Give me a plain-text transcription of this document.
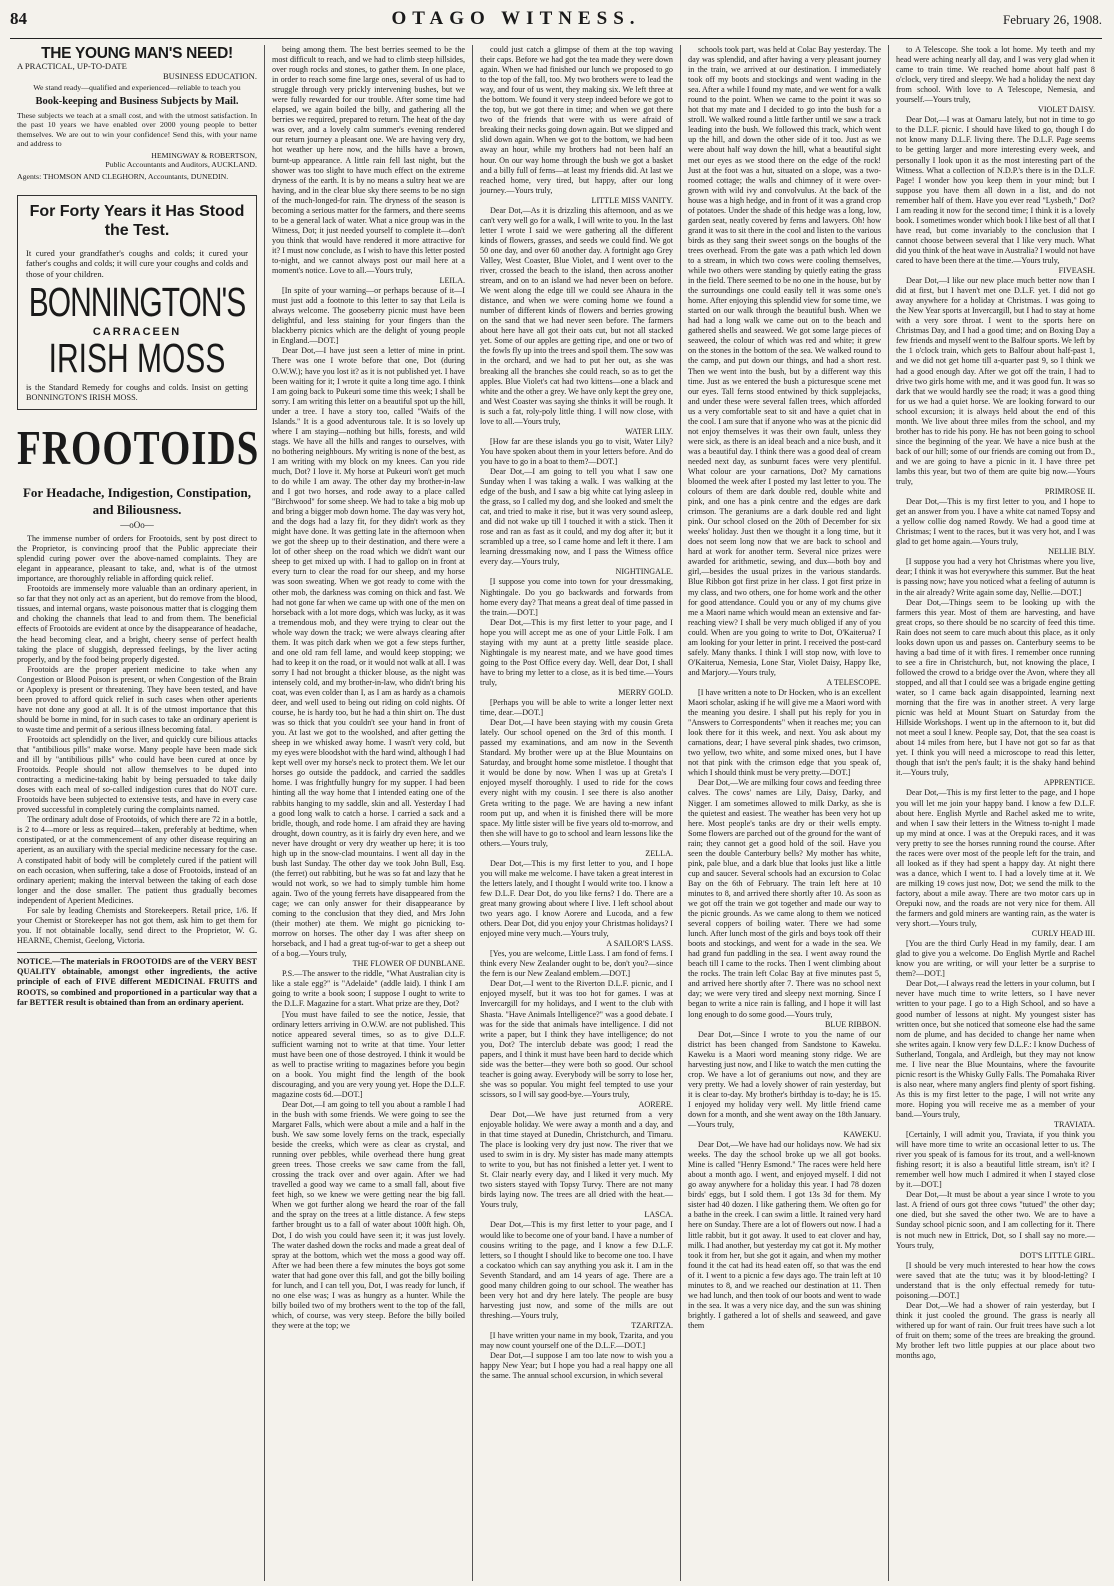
84	OTAGO WITNESS.	February 26, 1908.
THE YOUNG MAN'S NEED!
A PRACTICAL, UP-TO-DATE
BUSINESS EDUCATION.
We stand ready—qualified and experienced—reliable to teach you
Book-keeping and Business Subjects by Mail.
These subjects we teach at a small cost, and with the utmost satisfaction. In the past 10 years we have enabled over 2000 young people to better themselves. We are out to win your confidence! Send this, with your name and address to
HEMINGWAY & ROBERTSON,
Public Accountants and Auditors, AUCKLAND.
Agents: THOMSON AND CLEGHORN, Accountants, DUNEDIN.
For Forty Years it Has Stood the Test.
It cured your grandfather's coughs and colds; it cured your father's coughs and colds; it will cure your coughs and colds and those of your children.
BONNINGTON'S
CARRACEEN
IRISH MOSS
is the Standard Remedy for coughs and colds. Insist on getting BONNINGTON'S IRISH MOSS.
FROOTOIDS
For Headache, Indigestion, Constipation, and Biliousness.
—oOo—

The immense number of orders for Frootoids, sent by post direct to the Proprietor, is convincing proof that the Public appreciate their splendid curing power over the above-named complaints. They are elegant in appearance, pleasant to take, and, what is of the utmost importance, are thoroughly reliable in affording quick relief.

Frootoids are immensely more valuable than an ordinary aperient, in so far that they not only act as an aperient, but do remove from the blood, tissues, and internal organs, waste poisonous matter that is clogging them and choking the channels that lead to and from them. The beneficial effects of Frootoids are evident at once by the disappearance of headache, the head becoming clear, and a bright, cheery sense of perfect health taking the place of sluggish, depressed feelings, by the liver acting properly, and by the food being properly digested.

Frootoids are the proper aperient medicine to take when any Congestion or Blood Poison is present, or when Congestion of the Brain or Apoplexy is present or threatening. They have been tested, and have been proved to afford quick relief in such cases when other aperients have not done any good at all. It is of the utmost importance that this should be borne in mind, for in such cases to take an ordinary aperient is to waste time and permit of a serious illness becoming fatal.

Frootoids act splendidly on the liver, and quickly cure bilious attacks that "antibilious pills" make worse. Many people have been made sick and ill by "antibilious pills" who could have been cured at once by Frootoids. People should not allow themselves to be duped into contracting a medicine-taking habit by being persuaded to take daily doses with each meal of so-called indigestion cures that do NOT cure. Frootoids have been subjected to extensive tests, and have in every case proved successful in completely curing the complaints named.

The ordinary adult dose of Frootoids, of which there are 72 in a bottle, is 2 to 4—more or less as required—taken, preferably at bedtime, when constipated, or at the commencement of any other disease requiring an aperient, as an auxiliary with the special medicine necessary for the case. A constipated habit of body will be completely cured if the patient will on each occasion, when suffering, take a dose of Frootoids, instead of an ordinary aperient; making the interval between the taking of each dose longer and the dose smaller. The patient thus gradually becomes independent of Aperient Medicines.

For sale by leading Chemists and Storekeepers. Retail price, 1/6. If your Chemist or Storekeeper has not got them, ask him to get them for you. If not obtainable locally, send direct to the Proprietor, W. G. HEARNE, Chemist, Geelong, Victoria.

NOTICE.—The materials in FROOTOIDS are of the VERY BEST QUALITY obtainable, amongst other ingredients, the active principle of each of FIVE different MEDICINAL FRUITS and ROOTS, so combined and proportioned in a particular way that a far BETTER result is obtained than from an ordinary aperient.

being among them. The best berries seemed to be the most difficult to reach, and we had to climb steep hillsides, over rough rocks and stones, to gather them. In one place, in order to reach some fine large ones, several of us had to struggle through very prickly intervening bushes, but we were fully rewarded for our trouble. After some time had elapsed, we again boiled the billy, and gathering all the berries we required, prepared to return. The heat of the day was over, and a lovely calm summer's evening rendered our return journey a pleasant one. We are having very dry, hot weather up here now, and the hills have a brown, burnt-up appearance. A little rain fell last night, but the shower was too slight to have much effect on the extreme dryness of the earth. It is by no means a sultry heat we are having, and in the clear blue sky there seems to be no sign of the much-longed-for rain. The dryness of the season is becoming a serious matter for the farmers, and there seems to be a general lack of water. What a nice group was in the Witness, Dot; it just needed yourself to complete it—don't you think that would have rendered it more attractive for it? I must now conclude, as I wish to have this letter posted to-night, and we cannot always post our mail here at a moment's notice. Love to all.—Yours truly,

LEILA.

[In spite of your warning—or perhaps because of it—I must just add a footnote to this letter to say that Leila is always welcome. The gooseberry picnic must have been delightful, and less staining for your fingers than the blackberry picnics which are the delight of young people in England.—DOT.]

Dear Dot,—I have just seen a letter of mine in print. There was one I wrote before that one, Dot (during O.W.W.); have you lost it? as it is not published yet. I have been waiting for it; I wrote it quite a long time ago. I think I am going back to Pukeuri some time this week; I shall be sorry. I am writing this letter on a beautiful spot up the hill, under a tree. I have a story too, called "Waifs of the Islands." It is a good adventurous tale. It is so lovely up where I am staying—nothing but hills, forests, and wild stags. We have all the hills and ranges to ourselves, with no bothering neighbours. My writing is none of the best, as I am writing with my block on my knees. Can you ride much, Dot? I love it. My horse at Pukeuri won't get much to do while I am away. The other day my brother-in-law and I got two horses, and rode away to a place called "Birchwood" for some sheep. We had to take a big mob up and bring a bigger mob down home. The day was very hot, and the dogs had a lazy fit, for they didn't work as they might have done. It was getting late in the afternoon when we got the sheep up to their destination, and there were a lot of other sheep on the road which we didn't want our sheep to get mixed up with. I had to gallop on in front at every turn to clear the road for our sheep, and my horse was soon sweating. When we got ready to come with the other mob, the darkness was coming on thick and fast. We had not gone far when we came up with one of the men on horseback with a lot more dogs, which was lucky, as it was a tremendous mob, and they were trying to clear out the whole way down the track; we were always clearing after them. It was pitch dark when we got a few steps further, and one old ram fell lame, and would keep stopping; we had to keep it on the road, or it would not walk at all. I was sorry I had not brought a thicker blouse, as the night was intensely cold, and my brother-in-law, who didn't bring his coat, was even colder than I, as I am as hardy as a chamois deer, and well used to being out riding on cold nights. Of course, he is hardy too, but he had a thin shirt on. The dust was so thick that you couldn't see your hand in front of you. At last we got to the woolshed, and after getting the sheep in we whisked away home. I wasn't very cold, but my eyes were bloodshot with the hard wind, although I had kept well over my horse's neck to protect them. We let our horses go outside the paddock, and carried the saddles home. I was frightfully hungry for my supper. I had been hinting all the way home that I intended eating one of the rabbits hanging to my saddle, skin and all. Yesterday I had a good long walk to catch a horse. I carried a sack and a bridle, though, and rode home. I am afraid they are having drought, down country, as it is fairly dry even here, and we never have drought or very dry weather up here; it is too high up in the snow-clad mountains. I went all day in the bush last Sunday. The other day we took John Bull, Esq. (the ferret) out rabbiting, but he was so fat and lazy that he would not work, so we had to simply tumble him home again. Two of the young ferrets have disappeared from the cage; we can only answer for their disappearance by coming to the conclusion that they died, and Mrs John (their mother) ate them. We might go picnicking to-morrow on horses. The other day I was after sheep on horseback, and I had a great tug-of-war to get a sheep out of a bog.—Yours truly,

THE FLOWER OF DUNBLANE.

P.S.—The answer to the riddle, "What Australian city is like a stale egg?" is "Adelaide" (addle laid). I think I am going to write a book soon; I suppose I ought to write to the D.L.F. Magazine for a start. What prize are they, Dot?

[You must have failed to see the notice, Jessie, that ordinary letters arriving in O.W.W. are not published. This notice appeared several times, so as to give D.L.F. sufficient warning not to write at that time. Your letter must have been one of those destroyed. I think it would be as well to practise writing to magazines before you begin on a book. You might find the length of the book discouraging, and you are very young yet. Hope the D.L.F. magazine costs 6d.—DOT.]

Dear Dot,—I am going to tell you about a ramble I had in the bush with some friends. We were going to see the Margaret Falls, which were about a mile and a half in the bush. We saw some lovely ferns on the track, especially beside the creeks, which were as clear as crystal, and running over pebbles, while overhead there hung great green trees. Those creeks we saw came from the fall, crossing the track over and over again. After we had travelled a good way we came to a small fall, about five feet high, so we knew we were getting near the big fall. When we got further along we heard the roar of the fall and the spray on the trees at a little distance. A few steps farther brought us to a fall of water about 100ft high. Oh, Dot, I do wish you could have seen it; it was just lovely. The water dashed down the rocks and made a great deal of spray at the bottom, which wet the moss a good way off. After we had been there a few minutes the boys got some water that had gone over this fall, and got the billy boiling for lunch, and I can tell you, Dot, I was ready for lunch, if no one else was; I was as hungry as a hunter. While the billy boiled two of my brothers went to the top of the fall, which, of course, was very steep. Before the billy boiled they were at the top; we

could just catch a glimpse of them at the top waving their caps. Before we had got the tea made they were down again. When we had finished our lunch we proposed to go to the top of the fall, too. My two brothers were to lead the way, and four of us went, they making six. We left three at the bottom. We found it very steep indeed before we got to the top, but we got there in time; and when we got there two of the friends that were with us were afraid of breaking their necks going down again. But we slipped and slid down again. When we got to the bottom, we had been away an hour, while my brothers had not been half an hour. On our way home through the bush we got a basket and a billy full of ferns—at least my friends did. At last we reached home, very tired, but happy, after our long journey.—Yours truly,

LITTLE MISS VANITY.

Dear Dot,—As it is drizzling this afternoon, and as we can't very well go for a walk, I will write to you. In the last letter I wrote I said we were gathering all the different kinds of flowers, grasses, and seeds we could find. We got 50 one day, and over 60 another day. A fortnight ago Grey Valley, West Coaster, Blue Violet, and I went over to the river, crossed the beach to the island, then across another stream, and on to an island we had never been on before. We went along the edge till we could see Ahaura in the distance, and when we were coming home we found a number of different kinds of flowers and berries growing on the sand that we had never seen before. The farmers about here have all got their oats cut, but not all stacked yet. Some of our apples are getting ripe, and one or two of the fowls fly up into the trees and spoil them. The sow was in the orchard, and we had to put her out, as she was breaking all the branches she could reach, so as to get the apples. Blue Violet's cat had two kittens—one a black and white and the other a grey. We have only kept the grey one, and West Coaster was saying she thinks it will be rough. It is such a fat, roly-poly little thing. I will now close, with love to all.—Yours truly,

WATER LILY.

[How far are these islands you go to visit, Water Lily? You have spoken about them in your letters before. And do you have to go in a boat to them?—DOT.]

Dear Dot,—I am going to tell you what I saw one Sunday when I was taking a walk. I was walking at the edge of the bush, and I saw a big white cat lying asleep in the grass, so I called my dog, and she looked and smelt the cat, and tried to make it rise, but it was very sound asleep, and did not wake up till I touched it with a stick. Then it rose and ran as fast as it could, and my dog after it; but it scrambled up a tree, so I came home and left it there. I am learning dressmaking now, and I pass the Witness office every day.—Yours truly,

NIGHTINGALE.

[I suppose you come into town for your dressmaking, Nightingale. Do you go backwards and forwards from home every day? That means a great deal of time passed in the train.—DOT.]

Dear Dot,—This is my first letter to your page, and I hope you will accept me as one of your Little Folk. I am staying with my aunt at a pretty little seaside place. Nightingale is my nearest mate, and we have good times going to the Post Office every day. Well, dear Dot, I shall have to bring my letter to a close, as it is bed time.—Yours truly,

MERRY GOLD.

[Perhaps you will be able to write a longer letter next time, dear.—DOT.]

Dear Dot,—I have been staying with my cousin Greta lately. Our school opened on the 3rd of this month. I passed my examinations, and am now in the Seventh Standard. My brother were up at the Blue Mountains on Saturday, and brought home some mistletoe. I thought that it would be done by now. When I was up at Greta's I enjoyed myself thoroughly. I used to ride for the cows every night with my cousin. I see there is also another Greta writing to the page. We are having a new infant room put up, and when it is finished there will be more space. My little sister will be five years old to-morrow, and then she will have to go to school and learn lessons like the others.—Yours truly,

ZELLA.

Dear Dot,—This is my first letter to you, and I hope you will make me welcome. I have taken a great interest in the letters lately, and I thought I would write too. I know a few D.L.F. Dear Dot, do you like ferns? I do. There are a great many growing about where I live. I left school about two years ago. I know Aorere and Lucoda, and a few others. Dear Dot, did you enjoy your Christmas holidays? I enjoyed mine very much.—Yours truly,

A SAILOR'S LASS.

[Yes, you are welcome, Little Lass. I am fond of ferns. I think every New Zealander ought to be, don't you?—since the fern is our New Zealand emblem.—DOT.]

Dear Dot,—I went to the Riverton D.L.F. picnic, and I enjoyed myself, but it was too hot for games. I was at Invercargill for my holidays, and I went to the club with Shasta. "Have Animals Intelligence?" was a good debate. I was for the side that animals have intelligence. I did not write a paper, but I think they have intelligence; do not you, Dot? The interclub debate was good; I read the papers, and I think it must have been hard to decide which side was the better—they were both so good. Our school teacher is going away. Everybody will be sorry to lose her, she was so popular. You might feel tempted to use your scissors, so I will say good-bye.—Yours truly,

AORERE.

Dear Dot,—We have just returned from a very enjoyable holiday. We were away a month and a day, and in that time stayed at Dunedin, Christchurch, and Timaru. The place is looking very dry just now. The river that we used to swim in is dry. My sister has made many attempts to write to you, but has not finished a letter yet. I went to St. Clair nearly every day, and I liked it very much. My two sisters stayed with Topsy Turvy. There are not many birds laying now. The trees are all dried with the heat.—Yours truly,

LASCA.

Dear Dot,—This is my first letter to your page, and I would like to become one of your band. I have a number of cousins writing to the page, and I know a few D.L.F. letters, so I thought I should like to become one too. I have a cockatoo which can say anything you ask it. I am in the Seventh Standard, and am 14 years of age. There are a good many children going to our school. The weather has been very hot and dry here lately. The people are busy harvesting just now, and some of the mills are out threshing.—Yours truly,

TZARITZA.

[I have written your name in my book, Tzarita, and you may now count yourself one of the D.L.F.—DOT.]

Dear Dot,—I suppose I am too late now to wish you a happy New Year; but I hope you had a real happy one all the same. The annual school excursion, in which several

schools took part, was held at Colac Bay yesterday. The day was splendid, and after having a very pleasant journey in the train, we arrived at our destination. I immediately took off my boots and stockings and went wading in the sea. After a while I found my mate, and we went for a walk round to the point. When we came to the point it was so hot that my mate and I decided to go into the bush for a stroll. We walked round a little farther until we saw a track leading into the bush. We followed this track, which went up the hill, and down the other side of it too. Just as we were about half way down the hill, what a beautiful sight met our eyes as we stood there on the edge of the rock! Just at the foot was a hut, situated on a slope, was a two-roomed cottage; the walls and chimney of it were over-grown with wild ivy and convolvulus. At the back of the house was a high hedge, and in front of it was a grand crop of potatoes. Under the shade of this hedge was a long, low, garden seat, neatly covered by ferns and lawyers. Oh! how grand it was to sit there in the cool and listen to the various birds as they sang their sweet songs on the boughs of the trees overhead. From the gate was a path which led down to a stream, in which two cows were cooling themselves, while two others were standing by quietly eating the grass in the field. There seemed to be no one in the house, but by the surroundings one could easily tell it was some one's home. After enjoying this splendid view for some time, we started on our walk through the beautiful bush. When we had had a long walk we came out on to the beach and gathered shells and seaweed. We got some large pieces of seaweed, the colour of which was red and white; it grew on the stones in the bottom of the sea. We walked round to the camp, and put down our things, and had a short rest. Then we went into the bush, but by a different way this time. Just as we entered the bush a picturesque scene met our eyes. Tall ferns stood entwined by thick supplejacks, and under these were several fallen trees, which afforded us a very comfortable seat to sit and have a quiet chat in the cool. I am sure that if anyone who was at the picnic did not enjoy themselves it was their own fault, unless they were sick, as there is an ideal beach and a nice bush, and it was a beautiful day. I think there was a good deal of cream needed next day, as sunburnt faces were very plentiful. What colour are your carnations, Dot? My carnations bloomed the week after I posted my last letter to you. The colours of them are dark double red, double white and pink, and one has a pink centre and the edges are dark crimson. The geraniums are a dark double red and light pink. Our school closed on the 20th of December for six weeks' holiday. Just then we thought it a long time, but it does not seem long now that we are back to school and hard at work for another term. Several nice prizes were awarded for arithmetic, sewing, and dux—both boy and girl,—besides the usual prizes in the various standards. Blue Ribbon got first prize in her class. I got first prize in my class, and two others, one for home work and the other for good attendance. Could you or any of my chums give me a Maori name which would mean an extensive and far-reaching view? I shall be very much obliged if any of you could. When are you going to write to Dot, O'Kaiterua? I am looking for your letter in print. I received the post-card safely. Many thanks. I think I will stop now, with love to O'Kaiterua, Nemesia, Lone Star, Violet Daisy, Happy Ike, and Marjory.—Yours truly,

A TELESCOPE.

[I have written a note to Dr Hocken, who is an excellent Maori scholar, asking if he will give me a Maori word with the meaning you desire. I shall put his reply for you in "Answers to Correspondents" when it reaches me; you can look there for it this week, and next. You ask about my carnations, dear; I have several pink shades, two crimson, two yellow, two white, and some mixed ones, but I have not that pink with the crimson edge that you speak of, which I should think must be very pretty.—DOT.]

Dear Dot,—We are milking four cows and feeding three calves. The cows' names are Lily, Daisy, Darky, and Nigger. I am sometimes allowed to milk Darky, as she is the quietest and easiest. The weather has been very hot up here. Most people's tanks are dry or their wells empty. Some flowers are parched out of the ground for the want of rain; they cannot get a good hold of the soil. Have you seen the double Canterbury bells? My mother has white, pink, pale blue, and a dark blue that looks just like a little cup and saucer. Several schools had an excursion to Colac Bay on the 6th of February. The train left here at 10 minutes to 8, and arrived there shortly after 10. As soon as we got off the train we got together and made our way to the picnic grounds. As we came along to them we noticed several coppers of boiling water. There we had some lunch. After lunch most of the girls and boys took off their boots and stockings, and went for a wade in the sea. We had grand fun paddling in the sea. I went away round the beach till I came to the rocks. Then I went climbing about the rocks. The train left Colac Bay at five minutes past 5, and arrived here shortly after 7. There was no school next day; we were very tired and sleepy next morning. Since I began to write a nice rain is falling, and I hope it will last long enough to do some good.—Yours truly,

BLUE RIBBON.

Dear Dot,—Since I wrote to you the name of our district has been changed from Sandstone to Kaweku. Kaweku is a Maori word meaning stony ridge. We are harvesting just now, and I like to watch the men cutting the crop. We have a lot of geraniums out now, and they are very pretty. We had a lovely shower of rain yesterday, but it is clear to-day. My brother's birthday is to-day; he is 15. I enjoyed my holiday very well. My little friend came down for a month, and she went away on the 18th January.—Yours truly,

KAWEKU.

Dear Dot,—We have had our holidays now. We had six weeks. The day the school broke up we all got books. Mine is called "Henry Esmond." The races were held here about a month ago. I went, and enjoyed myself. I did not go away anywhere for a holiday this year. I had 78 dozen birds' eggs, but I sold them. I got 13s 3d for them. My sister had 40 dozen. I like gathering them. We often go for a bathe in the creek. I can swim a little. It rained very hard here on Sunday. There are a lot of flowers out now. I had a little rabbit, but it got away. It used to eat clover and hay, milk. I had another, but yesterday my cat got it. My mother took it from her, but she got it again, and when my mother found it the cat had its head eaten off, so that was the end of it. I went to a picnic a few days ago. The train left at 10 minutes to 8, and we reached our destination at 11. Then we had lunch, and then took of our boots and went to wade in the sea. It was a very nice day, and the sun was shining brightly. I gathered a lot of shells and seaweed, and gave them

to A Telescope. She took a lot home. My teeth and my head were aching nearly all day, and I was very glad when it came to train time. We reached home about half past 8 o'clock, very tired and sleepy. We had a holiday the next day from school. With love to A Telescope, Nemesia, and yourself.—Yours truly,

VIOLET DAISY.

Dear Dot,—I was at Oamaru lately, but not in time to go to the D.L.F. picnic. I should have liked to go, though I do not know many D.L.F. living there. The D.L.F. Page seems to be getting larger and more interesting every week, and personally I look upon it as the most interesting part of the Witness. What a collection of N.D.P.'s there is in the D.L.F. Page! I wonder how you keep them in your mind; but I suppose you have them all down in a list, and do not remember half of them. Have you ever read "Lysbeth," Dot? I am reading it now for the second time; I think it is a lovely book. I sometimes wonder which book I like best of all that I have read, but come invariably to the conclusion that I cannot choose between several that I like very much. What did you think of the heat wave in Australia? I would not have cared to have been there at the time.—Yours truly,

FIVEASH.

Dear Dot,—I like our new place much better now than I did at first, but I haven't met one D.L.F. yet. I did not go away anywhere for a holiday at Christmas. I was going to the New Year sports at Invercargill, but I had to stay at home with a very sore throat. I went to the sports here on Christmas Day, and I had a good time; and on Boxing Day a few friends and myself went to the Balfour sports. We left by the 1 o'clock train, which gets to Balfour about half-past 1, and we did not get home till a-quarter past 9, so I think we had a good enough day. After we got off the train, I had to drive two girls home with me, and it was good fun. It was so dark that we would hardly see the road; it was a good thing for us we had a quiet horse. We are looking forward to our school excursion; it is always held about the end of this month. We live about three miles from the school, and my brother has to ride his pony. He has not been going to school since the beginning of the year. We have a nice bush at the back of our hill; some of our friends are coming out from D., and we are going to have a picnic in it. I have three pet lambs this year, but two of them are quite big now.—Yours truly,

PRIMROSE II.

Dear Dot,—This is my first letter to you, and I hope to get an answer from you. I have a white cat named Topsy and a yellow collie dog named Rowdy. We had a good time at Christmas; I went to the races, but it was very hot, and I was glad to get home again.—Yours truly,

NELLIE BLY.

[I suppose you had a very hot Christmas where you live, dear; I think it was hot everywhere this summer. But the heat is passing now; have you noticed what a feeling of autumn is in the air already? Write again some day, Nellie.—DOT.]

Dear Dot,—Things seem to be looking up with the farmers this year. Most of them are harvesting, and have great crops, so there should be no scarcity of feed this time. Rain does not seem to care much about this place, as it only looks down upon us and passes on. Canterbury seems to be having a bad time of it with fires. I remember once running to see a fire in Christchurch, but, not knowing the place, I followed the crowd to a bridge over the Avon, where they all stopped, and all that I could see was a brigade engine getting water, so I came back again disappointed, learning next morning that the fire was in another street. A very large picnic was held at Mount Stuart on Saturday from the Hillside Workshops. I went up in the afternoon to it, but did not meet a soul I knew. People say, Dot, that the sea coast is about 14 miles from here, but I have not got so far as that yet. I think you will need a microscope to read this letter, though that isn't the pen's fault; it is the shaky hand behind it.—Yours truly,

APPRENTICE.

Dear Dot,—This is my first letter to the page, and I hope you will let me join your happy band. I know a few D.L.F. about here. English Myrtle and Rachel asked me to write, and when I saw their letters in the Witness to-night I made up my mind at once. I was at the Orepuki races, and it was very pretty to see the horses running round the course. After the races were over most of the people left for the train, and all looked as if they had spent a happy day. At night there was a dance, which I went to. I had a lovely time at it. We are milking 19 cows just now, Dot; we send the milk to the factory, about a mile away. There are two motor cars up in Orepuki now, and the roads are not very nice for them. All the farmers and gold miners are wanting rain, as the water is very short.—Yours truly,

CURLY HEAD III.

[You are the third Curly Head in my family, dear. I am glad to give you a welcome. Do English Myrtle and Rachel know you are writing, or will your letter be a surprise to them?—DOT.]

Dear Dot,—I always read the letters in your column, but I never have much time to write letters, so I have never written to your page. I go to a High School, and so have a good number of lessons at night. My youngest sister has written once, but she noticed that someone else had the same nom de plume, and has decided to change her name when she writes again. I know very few D.L.F.: I know Duchess of Sutherland, Tongala, and Ardleigh, but they may not know me. I live near the Blue Mountains, where the favourite picnic resort is the Whisky Gully Falls. The Pomahaka River is also near, where many anglers find plenty of sport fishing. As this is my first letter to the page, I will not write any more. Hoping you will receive me as a member of your band.—Yours truly,

TRAVIATA.

[Certainly, I will admit you, Traviata, if you think you will have more time to write an occasional letter to us. The river you speak of is famous for its trout, and a well-known fishing resort; it is also a beautiful little stream, isn't it? I remember well how much I admired it when I stayed close by it.—DOT.]

Dear Dot,—It must be about a year since I wrote to you last. A friend of ours got three cows "tutued" the other day; one died, but she saved the other two. We are to have a Sunday school picnic soon, and I am collecting for it. There is not much new in Ettrick, Dot, so I shall say no more.—Yours truly,

DOT'S LITTLE GIRL.

[I should be very much interested to hear how the cows were saved that ate the tutu; was it by blood-letting? I understand that is the only effectual remedy for tutu-poisoning.—DOT.]

Dear Dot,—We had a shower of rain yesterday, but I think it just cooled the ground. The grass is nearly all withered up for want of rain. Our fruit trees have such a lot of fruit on them; some of the trees are breaking the ground. My brother left two little puppies at our place about two months ago,
